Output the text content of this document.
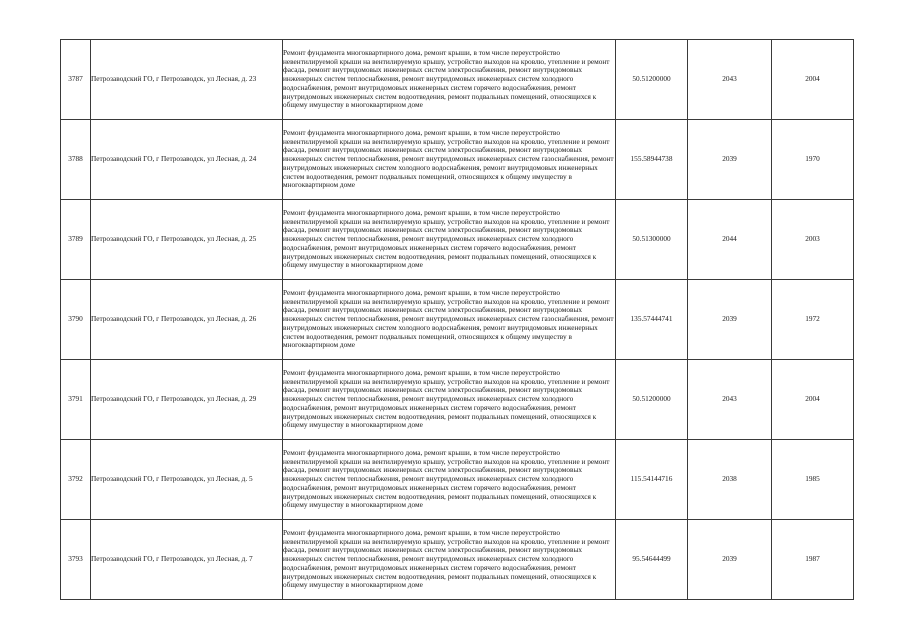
3787	Петрозаводский ГО, г Петрозаводск, ул Лесная, д. 23	Ремонт фундамента многоквартирного дома, ремонт крыши, в том числе переустройство невентилируемой крыши на вентилируемую крышу, устройство выходов на кровлю, утепление и ремонт фасада, ремонт внутридомовых инженерных систем электроснабжения, ремонт внутридомовых инженерных систем теплоснабжения, ремонт внутридомовых инженерных систем холодного водоснабжения, ремонт внутридомовых инженерных систем горячего водоснабжения, ремонт внутридомовых инженерных систем водоотведения, ремонт подвальных помещений, относящихся к общему имуществу в многоквартирном доме	50.51200000	2043	2004
3788	Петрозаводский ГО, г Петрозаводск, ул Лесная, д. 24	Ремонт фундамента многоквартирного дома, ремонт крыши, в том числе переустройство невентилируемой крыши на вентилируемую крышу, устройство выходов на кровлю, утепление и ремонт фасада, ремонт внутридомовых инженерных систем электроснабжения, ремонт внутридомовых инженерных систем теплоснабжения, ремонт внутридомовых инженерных систем газоснабжения, ремонт внутридомовых инженерных систем холодного водоснабжения, ремонт внутридомовых инженерных систем водоотведения, ремонт подвальных помещений, относящихся к общему имуществу в многоквартирном доме	155.58944738	2039	1970
3789	Петрозаводский ГО, г Петрозаводск, ул Лесная, д. 25	Ремонт фундамента многоквартирного дома, ремонт крыши, в том числе переустройство невентилируемой крыши на вентилируемую крышу, устройство выходов на кровлю, утепление и ремонт фасада, ремонт внутридомовых инженерных систем электроснабжения, ремонт внутридомовых инженерных систем теплоснабжения, ремонт внутридомовых инженерных систем холодного водоснабжения, ремонт внутридомовых инженерных систем горячего водоснабжения, ремонт внутридомовых инженерных систем водоотведения, ремонт подвальных помещений, относящихся к общему имуществу в многоквартирном доме	50.51300000	2044	2003
3790	Петрозаводский ГО, г Петрозаводск, ул Лесная, д. 26	Ремонт фундамента многоквартирного дома, ремонт крыши, в том числе переустройство невентилируемой крыши на вентилируемую крышу, устройство выходов на кровлю, утепление и ремонт фасада, ремонт внутридомовых инженерных систем электроснабжения, ремонт внутридомовых инженерных систем теплоснабжения, ремонт внутридомовых инженерных систем газоснабжения, ремонт внутридомовых инженерных систем холодного водоснабжения, ремонт внутридомовых инженерных систем водоотведения, ремонт подвальных помещений, относящихся к общему имуществу в многоквартирном доме	135.57444741	2039	1972
3791	Петрозаводский ГО, г Петрозаводск, ул Лесная, д. 29	Ремонт фундамента многоквартирного дома, ремонт крыши, в том числе переустройство невентилируемой крыши на вентилируемую крышу, устройство выходов на кровлю, утепление и ремонт фасада, ремонт внутридомовых инженерных систем электроснабжения, ремонт внутридомовых инженерных систем теплоснабжения, ремонт внутридомовых инженерных систем холодного водоснабжения, ремонт внутридомовых инженерных систем горячего водоснабжения, ремонт внутридомовых инженерных систем водоотведения, ремонт подвальных помещений, относящихся к общему имуществу в многоквартирном доме	50.51200000	2043	2004
3792	Петрозаводский ГО, г Петрозаводск, ул Лесная, д. 5	Ремонт фундамента многоквартирного дома, ремонт крыши, в том числе переустройство невентилируемой крыши на вентилируемую крышу, устройство выходов на кровлю, утепление и ремонт фасада, ремонт внутридомовых инженерных систем электроснабжения, ремонт внутридомовых инженерных систем теплоснабжения, ремонт внутридомовых инженерных систем холодного водоснабжения, ремонт внутридомовых инженерных систем горячего водоснабжения, ремонт внутридомовых инженерных систем водоотведения, ремонт подвальных помещений, относящихся к общему имуществу в многоквартирном доме	115.54144716	2038	1985
3793	Петрозаводский ГО, г Петрозаводск, ул Лесная, д. 7	Ремонт фундамента многоквартирного дома, ремонт крыши, в том числе переустройство невентилируемой крыши на вентилируемую крышу, устройство выходов на кровлю, утепление и ремонт фасада, ремонт внутридомовых инженерных систем электроснабжения, ремонт внутридомовых инженерных систем теплоснабжения, ремонт внутридомовых инженерных систем холодного водоснабжения, ремонт внутридомовых инженерных систем горячего водоснабжения, ремонт внутридомовых инженерных систем водоотведения, ремонт подвальных помещений, относящихся к общему имуществу в многоквартирном доме	95.54644499	2039	1987
